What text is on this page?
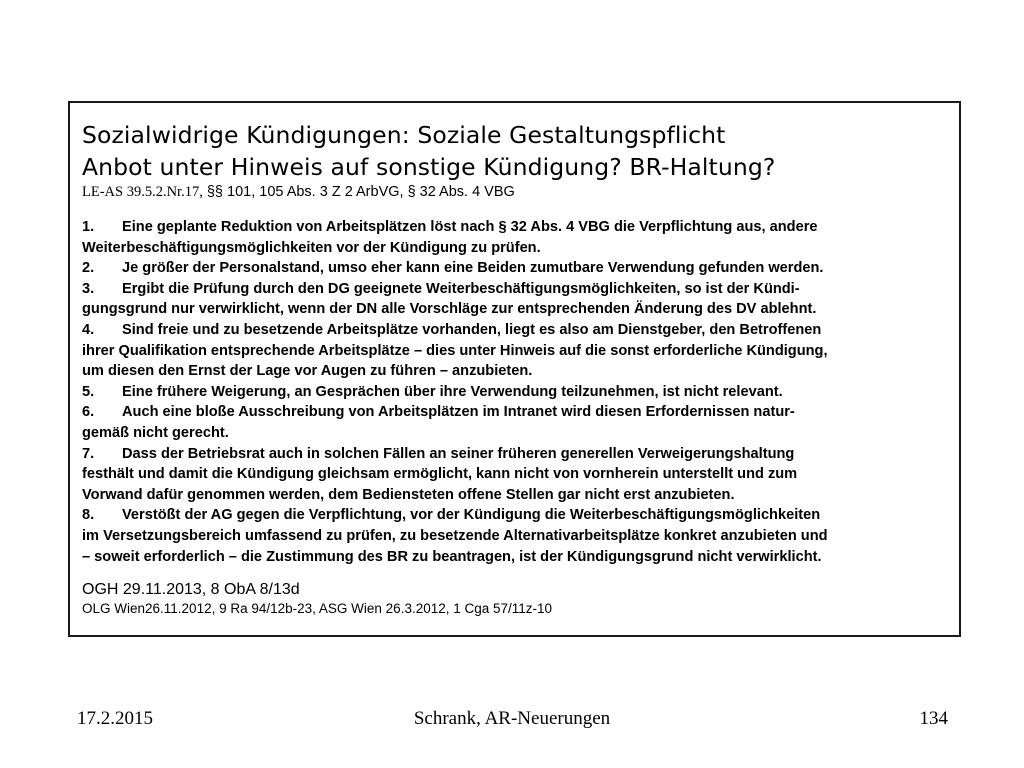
Sozialwidrige Kündigungen: Soziale Gestaltungspflicht
Anbot unter Hinweis auf sonstige Kündigung? BR-Haltung?
LE-AS 39.5.2.Nr.17, §§ 101, 105 Abs. 3 Z 2 ArbVG, § 32 Abs. 4 VBG
1. Eine geplante Reduktion von Arbeitsplätzen löst nach § 32 Abs. 4 VBG die Verpflichtung aus, andere
Weiterbeschäftigungsmöglichkeiten vor der Kündigung zu prüfen.
2. Je größer der Personalstand, umso eher kann eine Beiden zumutbare Verwendung gefunden werden.
3. Ergibt die Prüfung durch den DG geeignete Weiterbeschäftigungsmöglichkeiten, so ist der Kündi-
gungsgrund nur verwirklicht, wenn der DN alle Vorschläge zur entsprechenden Änderung des DV ablehnt.
4. Sind freie und zu besetzende Arbeitsplätze vorhanden, liegt es also am Dienstgeber, den Betroffenen
ihrer Qualifikation entsprechende Arbeitsplätze – dies unter Hinweis auf die sonst erforderliche Kündigung,
um diesen den Ernst der Lage vor Augen zu führen – anzubieten.
5. Eine frühere Weigerung, an Gesprächen über ihre Verwendung teilzunehmen, ist nicht relevant.
6. Auch eine bloße Ausschreibung von Arbeitsplätzen im Intranet wird diesen Erfordernissen natur-
gemäß nicht gerecht.
7. Dass der Betriebsrat auch in solchen Fällen an seiner früheren generellen Verweigerungshaltung
festhält und damit die Kündigung gleichsam ermöglicht, kann nicht von vornherein unterstellt und zum
Vorwand dafür genommen werden, dem Bediensteten offene Stellen gar nicht erst anzubieten.
8. Verstößt der AG gegen die Verpflichtung, vor der Kündigung die Weiterbeschäftigungsmöglichkeiten
im Versetzungsbereich umfassend zu prüfen, zu besetzende Alternativarbeitsplätze konkret anzubieten und
– soweit erforderlich – die Zustimmung des BR zu beantragen, ist der Kündigungsgrund nicht verwirklicht.
OGH 29.11.2013, 8 ObA 8/13d
OLG Wien26.11.2012, 9 Ra 94/12b-23, ASG Wien 26.3.2012, 1 Cga 57/11z-10
17.2.2015	Schrank, AR-Neuerungen	134
